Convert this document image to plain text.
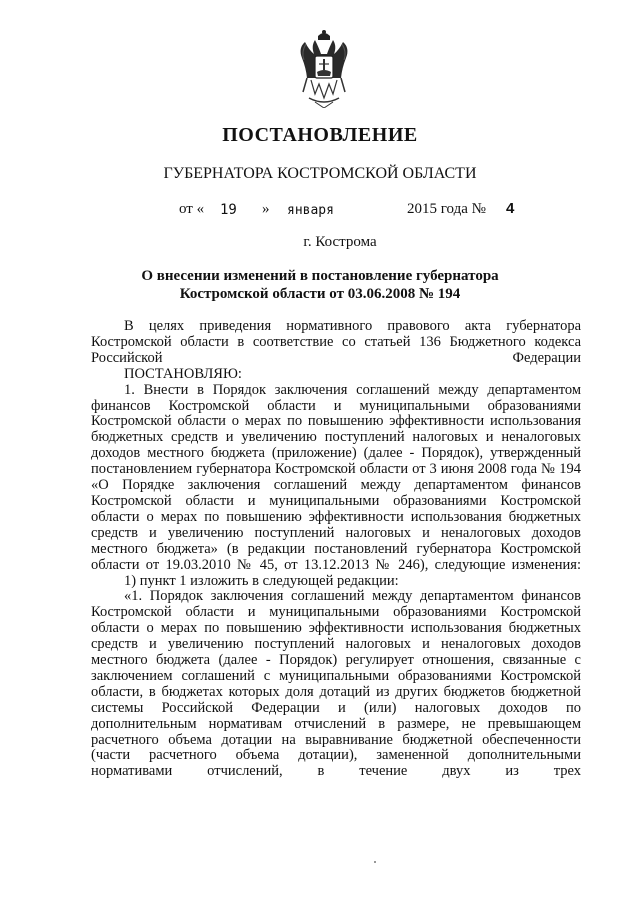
ПОСТАНОВЛЕНИЕ
ГУБЕРНАТОРА КОСТРОМСКОЙ ОБЛАСТИ
от « 19 » января	2015 года № 4
г. Кострома
О внесении изменений в постановление губернатора
Костромской области от 03.06.2008 № 194

В целях приведения нормативного правового акта губернатора Костромской области в соответствие со статьей 136 Бюджетного кодекса Российской Федерации

ПОСТАНОВЛЯЮ:

1. Внести в Порядок заключения соглашений между департаментом финансов Костромской области и муниципальными образованиями Костромской области о мерах по повышению эффективности использования бюджетных средств и увеличению поступлений налоговых и неналоговых доходов местного бюджета (приложение) (далее - Порядок), утвержденный постановлением губернатора Костромской области от 3 июня 2008 года № 194 «О Порядке заключения соглашений между департаментом финансов Костромской области и муниципальными образованиями Костромской области о мерах по повышению эффективности использования бюджетных средств и увеличению поступлений налоговых и неналоговых доходов местного бюджета» (в редакции постановлений губернатора Костромской области от 19.03.2010 № 45, от 13.12.2013 № 246), следующие изменения:

1) пункт 1 изложить в следующей редакции:

«1. Порядок заключения соглашений между департаментом финансов Костромской области и муниципальными образованиями Костромской области о мерах по повышению эффективности использования бюджетных средств и увеличению поступлений налоговых и неналоговых доходов местного бюджета (далее - Порядок) регулирует отношения, связанные с заключением соглашений с муниципальными образованиями Костромской области, в бюджетах которых доля дотаций из других бюджетов бюджетной системы Российской Федерации и (или) налоговых доходов по дополнительным нормативам отчислений в размере, не превышающем расчетного объема дотации на выравнивание бюджетной обеспеченности (части расчетного объема дотации), замененной дополнительными нормативами отчислений, в течение двух из трех
